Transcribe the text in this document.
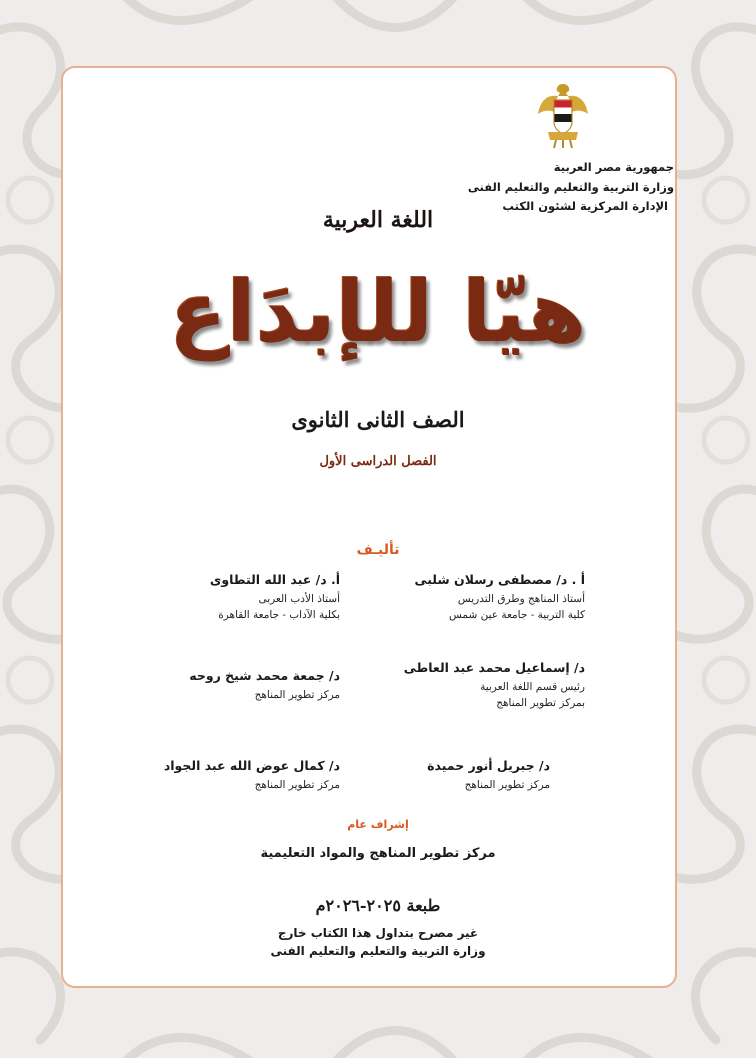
جمهورية مصر العربية
وزارة التربية والتعليم والتعليم الفنى
الإدارة المركزية لشئون الكتب
اللغة العربية
هيّا للإبدَاع
الصف الثانى الثانوى
الفصل الدراسى الأول
تأليـف
أ . د/ مصطفى رسلان شلبى
أستاذ المناهج وطرق التدريس
كلية التربية - جامعة عين شمس
أ. د/ عبد الله التطاوى
أستاذ الأدب العربى
بكلية الآداب - جامعة القاهرة
د/ إسماعيل محمد عبد العاطى
رئيس قسم اللغة العربية
بمركز تطوير المناهج
د/ جمعة محمد شيخ روحه
مركز تطوير المناهج
د/ جبريل أنور حميدة
مركز تطوير المناهج
د/ كمال عوض الله عبد الجواد
مركز تطوير المناهج
إشراف عام
مركز تطوير المناهج والمواد التعليمية
طبعة ٢٠٢٥-٢٠٢٦م
غير مصرح بتداول هذا الكتاب خارج
وزارة التربية والتعليم والتعليم الفنى
